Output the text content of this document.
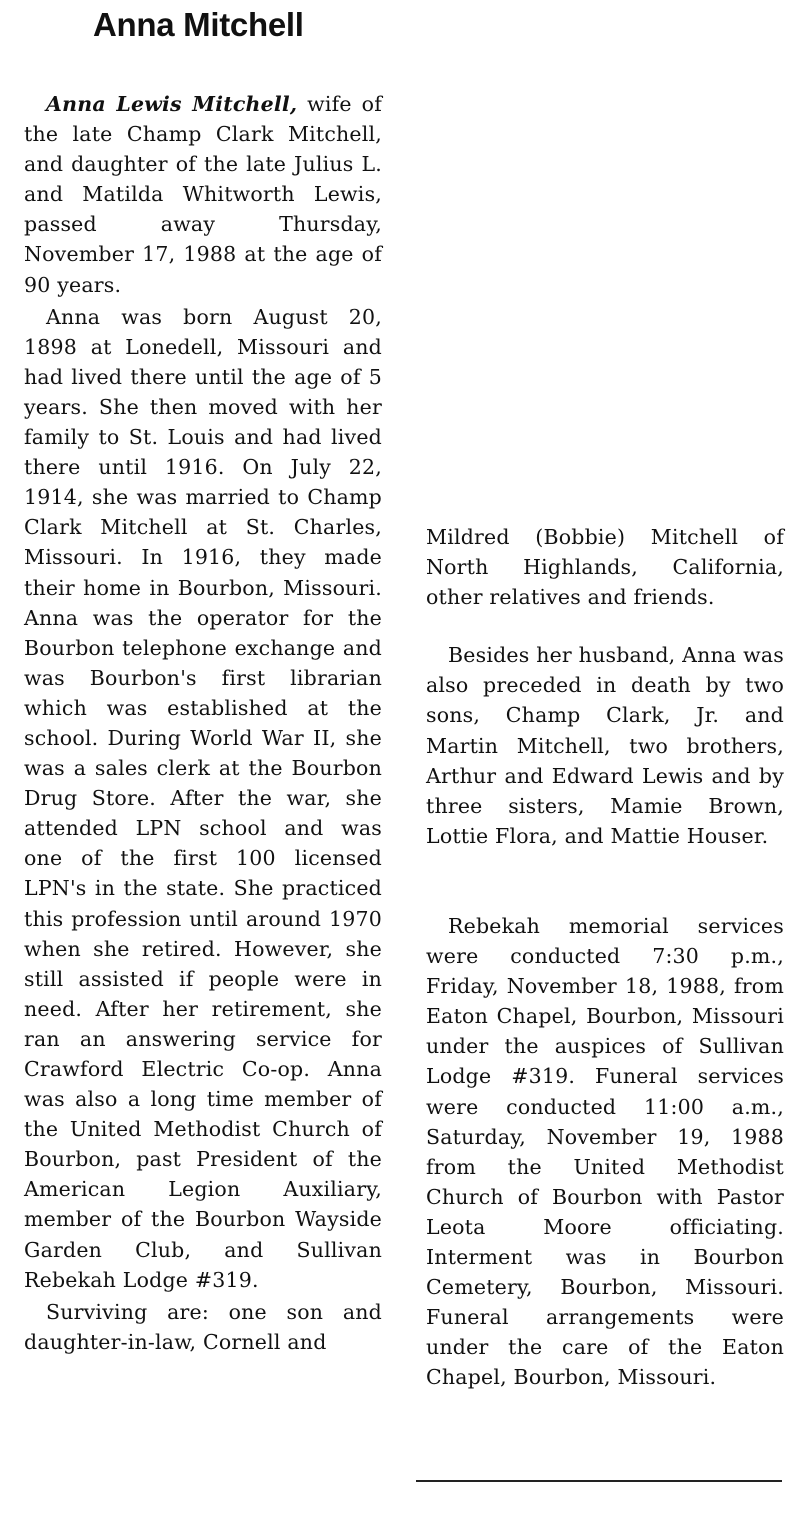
Anna Mitchell

Anna Lewis Mitchell, wife of the late Champ Clark Mitchell, and daughter of the late Julius L. and Matilda Whitworth Lewis, passed away Thursday, November 17, 1988 at the age of 90 years.

Anna was born August 20, 1898 at Lonedell, Missouri and had lived there until the age of 5 years. She then moved with her family to St. Louis and had lived there until 1916. On July 22, 1914, she was married to Champ Clark Mitchell at St. Charles, Missouri. In 1916, they made their home in Bourbon, Missouri. Anna was the operator for the Bourbon telephone exchange and was Bourbon's first librarian which was established at the school. During World War II, she was a sales clerk at the Bourbon Drug Store. After the war, she attended LPN school and was one of the first 100 licensed LPN's in the state. She practiced this profession until around 1970 when she retired. However, she still assisted if people were in need. After her retirement, she ran an answering service for Crawford Electric Co-op. Anna was also a long time member of the United Methodist Church of Bourbon, past President of the American Legion Auxiliary, member of the Bourbon Wayside Garden Club, and Sullivan Rebekah Lodge #319.

Surviving are: one son and daughter-in-law, Cornell and

Mildred (Bobbie) Mitchell of North Highlands, California, other relatives and friends.

Besides her husband, Anna was also preceded in death by two sons, Champ Clark, Jr. and Martin Mitchell, two brothers, Arthur and Edward Lewis and by three sisters, Mamie Brown, Lottie Flora, and Mattie Houser.

Rebekah memorial services were conducted 7:30 p.m., Friday, November 18, 1988, from Eaton Chapel, Bourbon, Missouri under the auspices of Sullivan Lodge #319. Funeral services were conducted 11:00 a.m., Saturday, November 19, 1988 from the United Methodist Church of Bourbon with Pastor Leota Moore officiating. Interment was in Bourbon Cemetery, Bourbon, Missouri. Funeral arrangements were under the care of the Eaton Chapel, Bourbon, Missouri.
